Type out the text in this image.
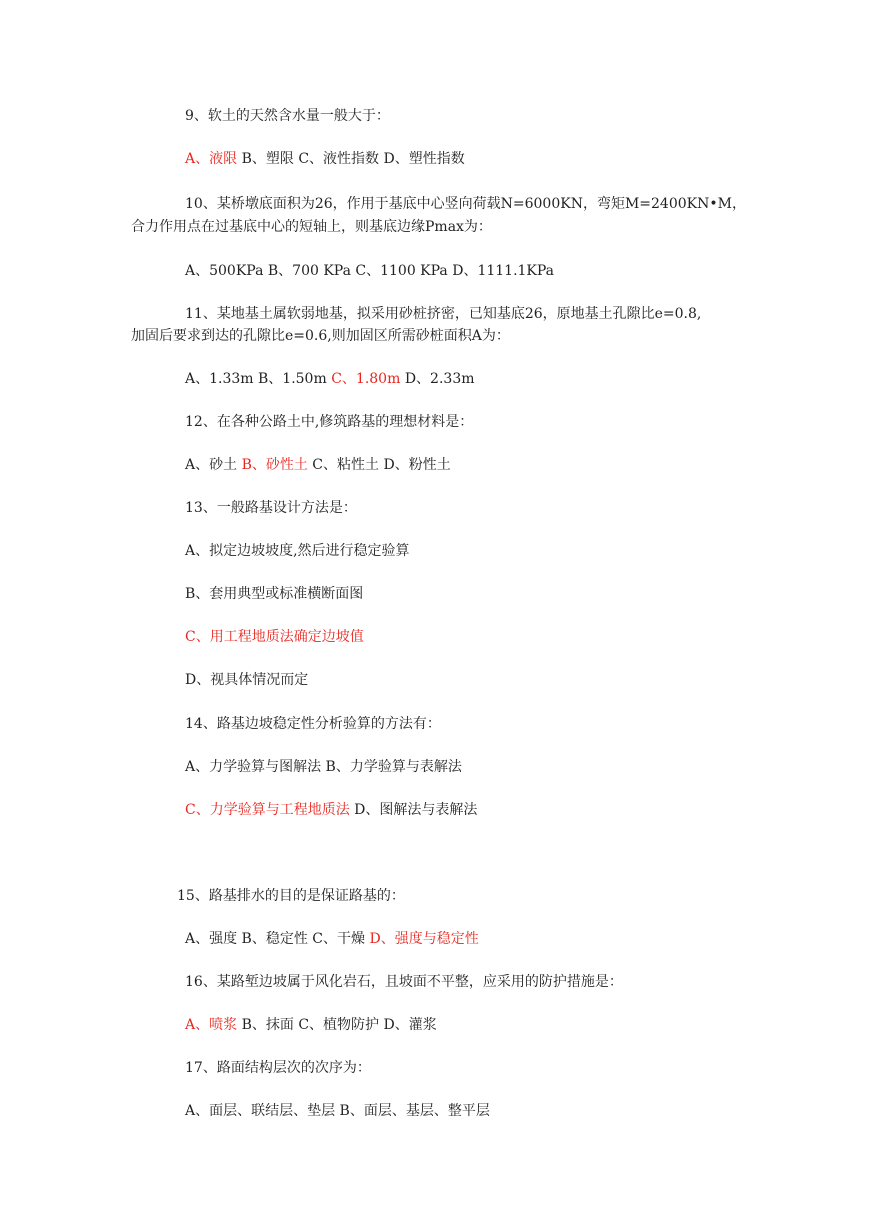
9、软土的天然含水量一般大于：
A、液限 B、塑限 C、液性指数 D、塑性指数
10、某桥墩底面积为26，作用于基底中心竖向荷载N=6000KN，弯矩M=2400KN•M，
合力作用点在过基底中心的短轴上，则基底边缘Pmax为：
A、500KPa B、700 KPa C、1100 KPa D、1111.1KPa
11、某地基土属软弱地基，拟采用砂桩挤密，已知基底26，原地基土孔隙比e=0.8,
加固后要求到达的孔隙比e=0.6,则加固区所需砂桩面积A为：
A、1.33m B、1.50m C、1.80m D、2.33m
12、在各种公路土中,修筑路基的理想材料是：
A、砂土 B、砂性土 C、粘性土 D、粉性土
13、一般路基设计方法是：
A、拟定边坡坡度,然后进行稳定验算
B、套用典型或标准横断面图
C、用工程地质法确定边坡值
D、视具体情况而定
14、路基边坡稳定性分析验算的方法有：
A、力学验算与图解法 B、力学验算与表解法
C、力学验算与工程地质法 D、图解法与表解法
15、路基排水的目的是保证路基的：
A、强度 B、稳定性 C、干燥 D、强度与稳定性
16、某路堑边坡属于风化岩石，且坡面不平整，应采用的防护措施是：
A、喷浆 B、抹面 C、植物防护 D、灌浆
17、路面结构层次的次序为：
A、面层、联结层、垫层 B、面层、基层、整平层
